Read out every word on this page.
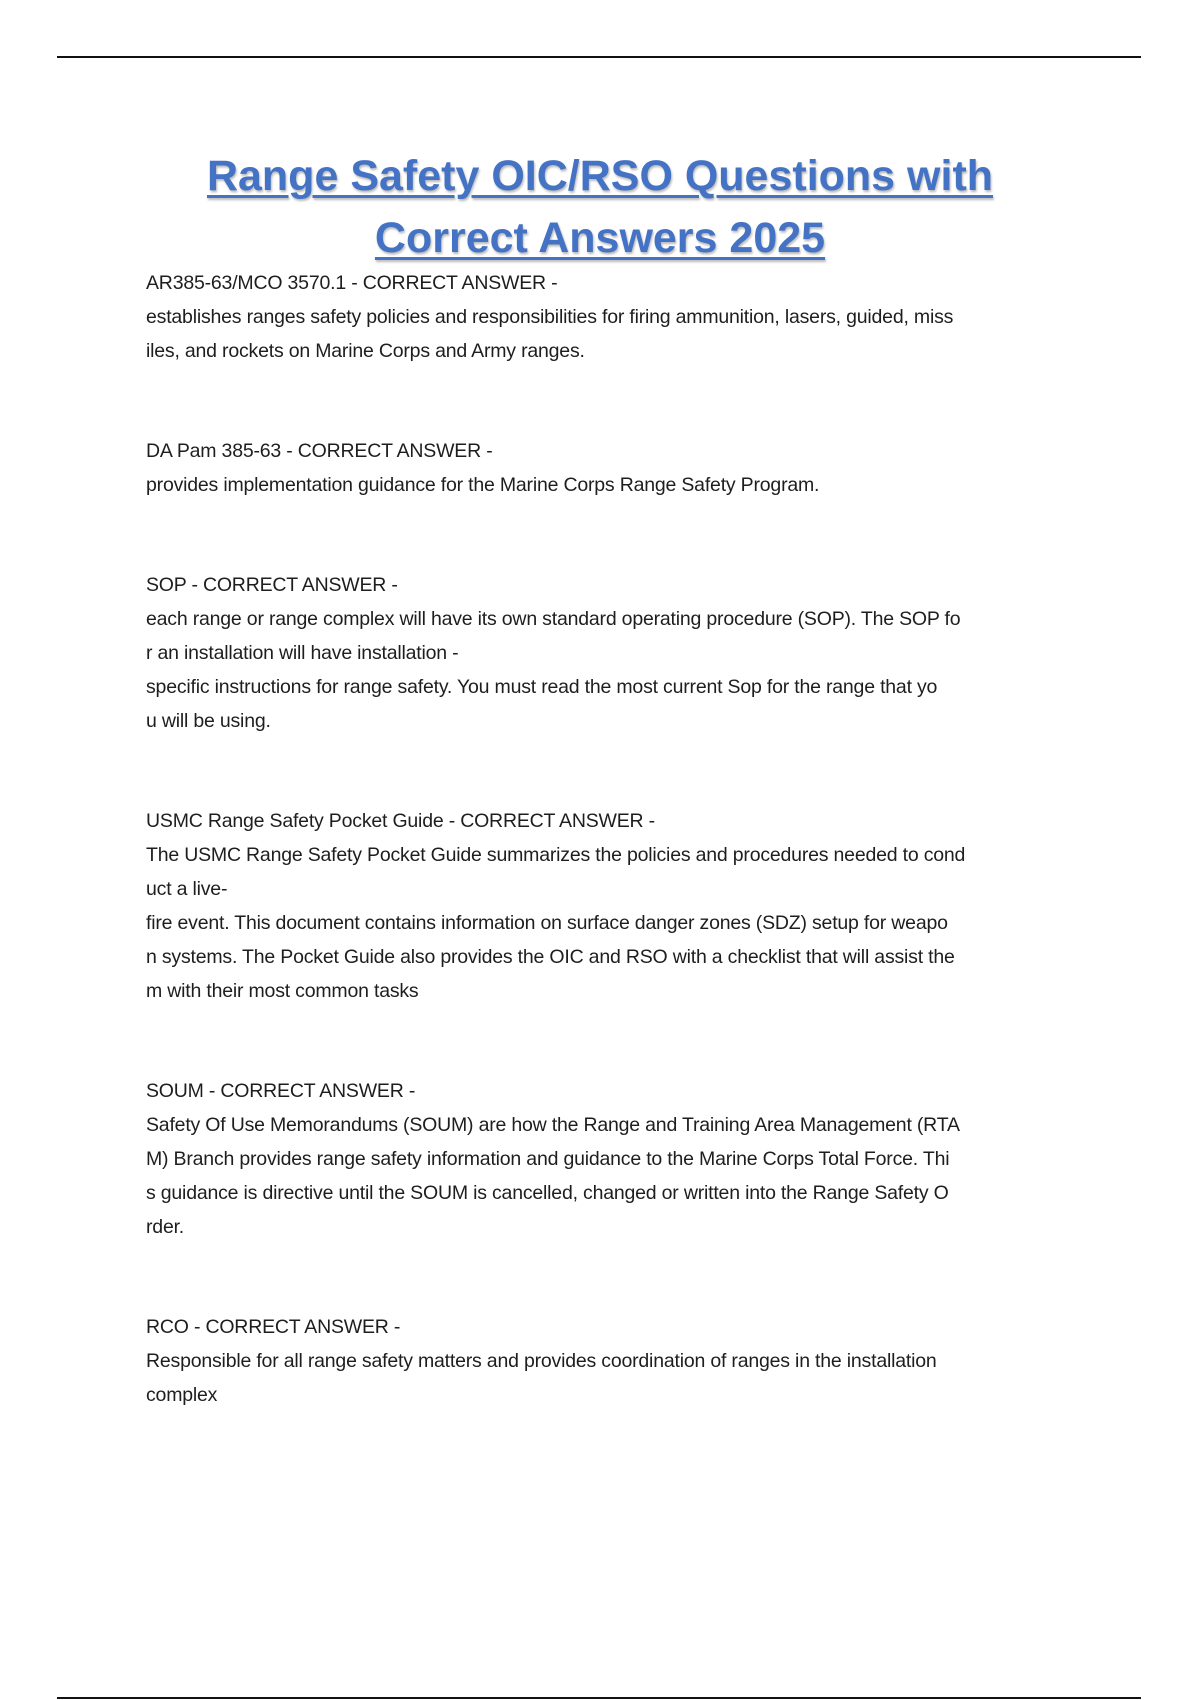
Range Safety OIC/RSO Questions with
Correct Answers 2025
AR385-63/MCO 3570.1 - CORRECT ANSWER -
establishes ranges safety policies and responsibilities for firing ammunition, lasers, guided, miss
iles, and rockets on Marine Corps and Army ranges.
DA Pam 385-63 - CORRECT ANSWER -
provides implementation guidance for the Marine Corps Range Safety Program.
SOP - CORRECT ANSWER -
each range or range complex will have its own standard operating procedure (SOP). The SOP fo
r an installation will have installation -
specific instructions for range safety. You must read the most current Sop for the range that yo
u will be using.
USMC Range Safety Pocket Guide - CORRECT ANSWER -
The USMC Range Safety Pocket Guide summarizes the policies and procedures needed to cond
uct a live-
fire event. This document contains information on surface danger zones (SDZ) setup for weapo
n systems. The Pocket Guide also provides the OIC and RSO with a checklist that will assist the
m with their most common tasks
SOUM - CORRECT ANSWER -
Safety Of Use Memorandums (SOUM) are how the Range and Training Area Management (RTA
M) Branch provides range safety information and guidance to the Marine Corps Total Force. Thi
s guidance is directive until the SOUM is cancelled, changed or written into the Range Safety O
rder.
RCO - CORRECT ANSWER -
Responsible for all range safety matters and provides coordination of ranges in the installation
complex
